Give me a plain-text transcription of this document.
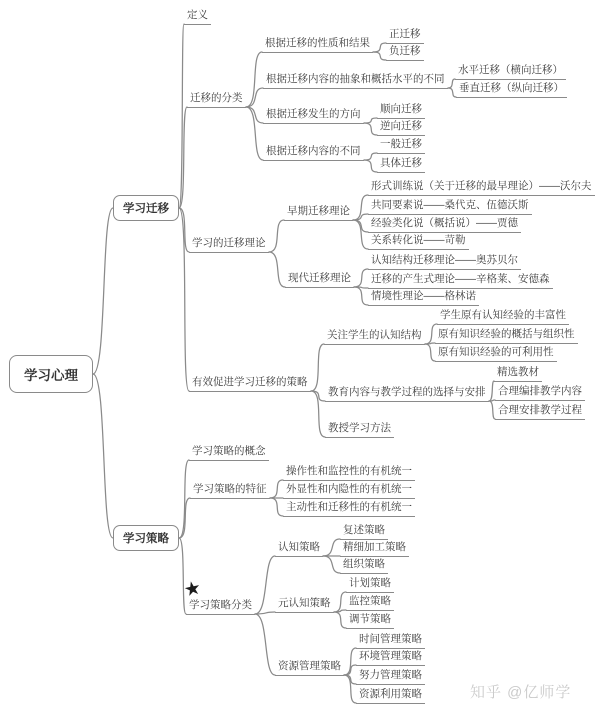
学习心理
学习迁移
定义
迁移的分类
根据迁移的性质和结果
正迁移
负迁移
根据迁移内容的抽象和概括水平的不同
水平迁移（横向迁移）
垂直迁移（纵向迁移）
根据迁移发生的方向 顺向迁移
逆向迁移
根据迁移内容的不同
一般迁移
具体迁移
学习的迁移理论
早期迁移理论
形式训练说（关于迁移的最早理论）——沃尔夫
共同要素说——桑代克、伍德沃斯
经验类化说（概括说）——贾德
关系转化说——苛勒
现代迁移理论
认知结构迁移理论——奥苏贝尔
迁移的产生式理论——辛格莱、安德森
情境性理论——格林诺
有效促进学习迁移的策略
关注学生的认知结构
学生原有认知经验的丰富性
原有知识经验的概括与组织性
原有知识经验的可利用性
教育内容与教学过程的选择与安排
精选教材
合理编排教学内容
合理安排教学过程
教授学习方法
学习策略
学习策略的概念
学习策略的特征
操作性和监控性的有机统一
外显性和内隐性的有机统一
主动性和迁移性的有机统一
学习策略分类
★
认知策略
复述策略
精细加工策略
组织策略
元认知策略
计划策略
监控策略
调节策略
资源管理策略
时间管理策略
环境管理策略
努力管理策略
资源利用策略	知乎 @亿师学
